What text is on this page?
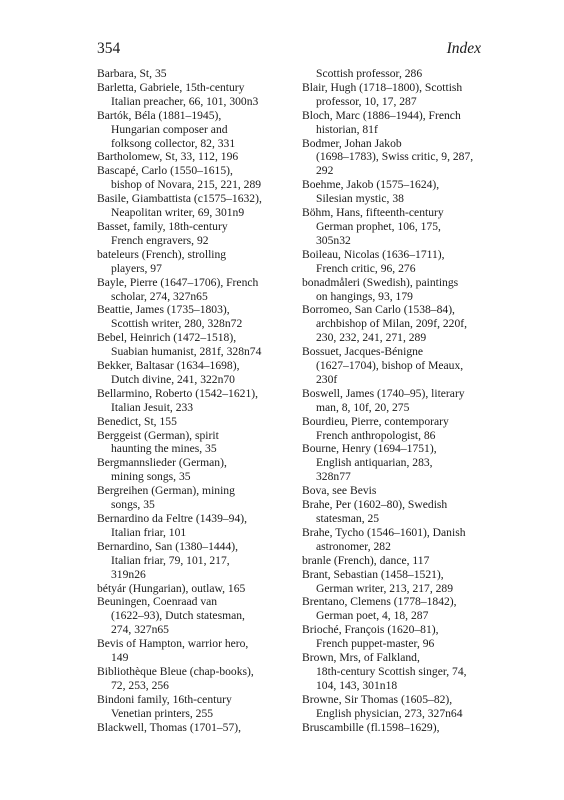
354	Index
Barbara, St, 35
Barletta, Gabriele, 15th-century
Italian preacher, 66, 101, 300n3
Bartók, Béla (1881–1945),
Hungarian composer and
folksong collector, 82, 331
Bartholomew, St, 33, 112, 196
Bascapé, Carlo (1550–1615),
bishop of Novara, 215, 221, 289
Basile, Giambattista (c1575–1632),
Neapolitan writer, 69, 301n9
Basset, family, 18th-century
French engravers, 92
bateleurs (French), strolling
players, 97
Bayle, Pierre (1647–1706), French
scholar, 274, 327n65
Beattie, James (1735–1803),
Scottish writer, 280, 328n72
Bebel, Heinrich (1472–1518),
Suabian humanist, 281f, 328n74
Bekker, Baltasar (1634–1698),
Dutch divine, 241, 322n70
Bellarmino, Roberto (1542–1621),
Italian Jesuit, 233
Benedict, St, 155
Berggeist (German), spirit
haunting the mines, 35
Bergmannslieder (German),
mining songs, 35
Bergreihen (German), mining
songs, 35
Bernardino da Feltre (1439–94),
Italian friar, 101
Bernardino, San (1380–1444),
Italian friar, 79, 101, 217,
319n26
bétyár (Hungarian), outlaw, 165
Beuningen, Coenraad van
(1622–93), Dutch statesman,
274, 327n65
Bevis of Hampton, warrior hero,
149
Bibliothèque Bleue (chap-books),
72, 253, 256
Bindoni family, 16th-century
Venetian printers, 255
Blackwell, Thomas (1701–57),
Scottish professor, 286
Blair, Hugh (1718–1800), Scottish
professor, 10, 17, 287
Bloch, Marc (1886–1944), French
historian, 81f
Bodmer, Johan Jakob
(1698–1783), Swiss critic, 9, 287,
292
Boehme, Jakob (1575–1624),
Silesian mystic, 38
Böhm, Hans, fifteenth-century
German prophet, 106, 175,
305n32
Boileau, Nicolas (1636–1711),
French critic, 96, 276
bonadmåleri (Swedish), paintings
on hangings, 93, 179
Borromeo, San Carlo (1538–84),
archbishop of Milan, 209f, 220f,
230, 232, 241, 271, 289
Bossuet, Jacques-Bénigne
(1627–1704), bishop of Meaux,
230f
Boswell, James (1740–95), literary
man, 8, 10f, 20, 275
Bourdieu, Pierre, contemporary
French anthropologist, 86
Bourne, Henry (1694–1751),
English antiquarian, 283,
328n77
Bova, see Bevis
Brahe, Per (1602–80), Swedish
statesman, 25
Brahe, Tycho (1546–1601), Danish
astronomer, 282
branle (French), dance, 117
Brant, Sebastian (1458–1521),
German writer, 213, 217, 289
Brentano, Clemens (1778–1842),
German poet, 4, 18, 287
Brioché, François (1620–81),
French puppet-master, 96
Brown, Mrs, of Falkland,
18th-century Scottish singer, 74,
104, 143, 301n18
Browne, Sir Thomas (1605–82),
English physician, 273, 327n64
Bruscambille (fl.1598–1629),
